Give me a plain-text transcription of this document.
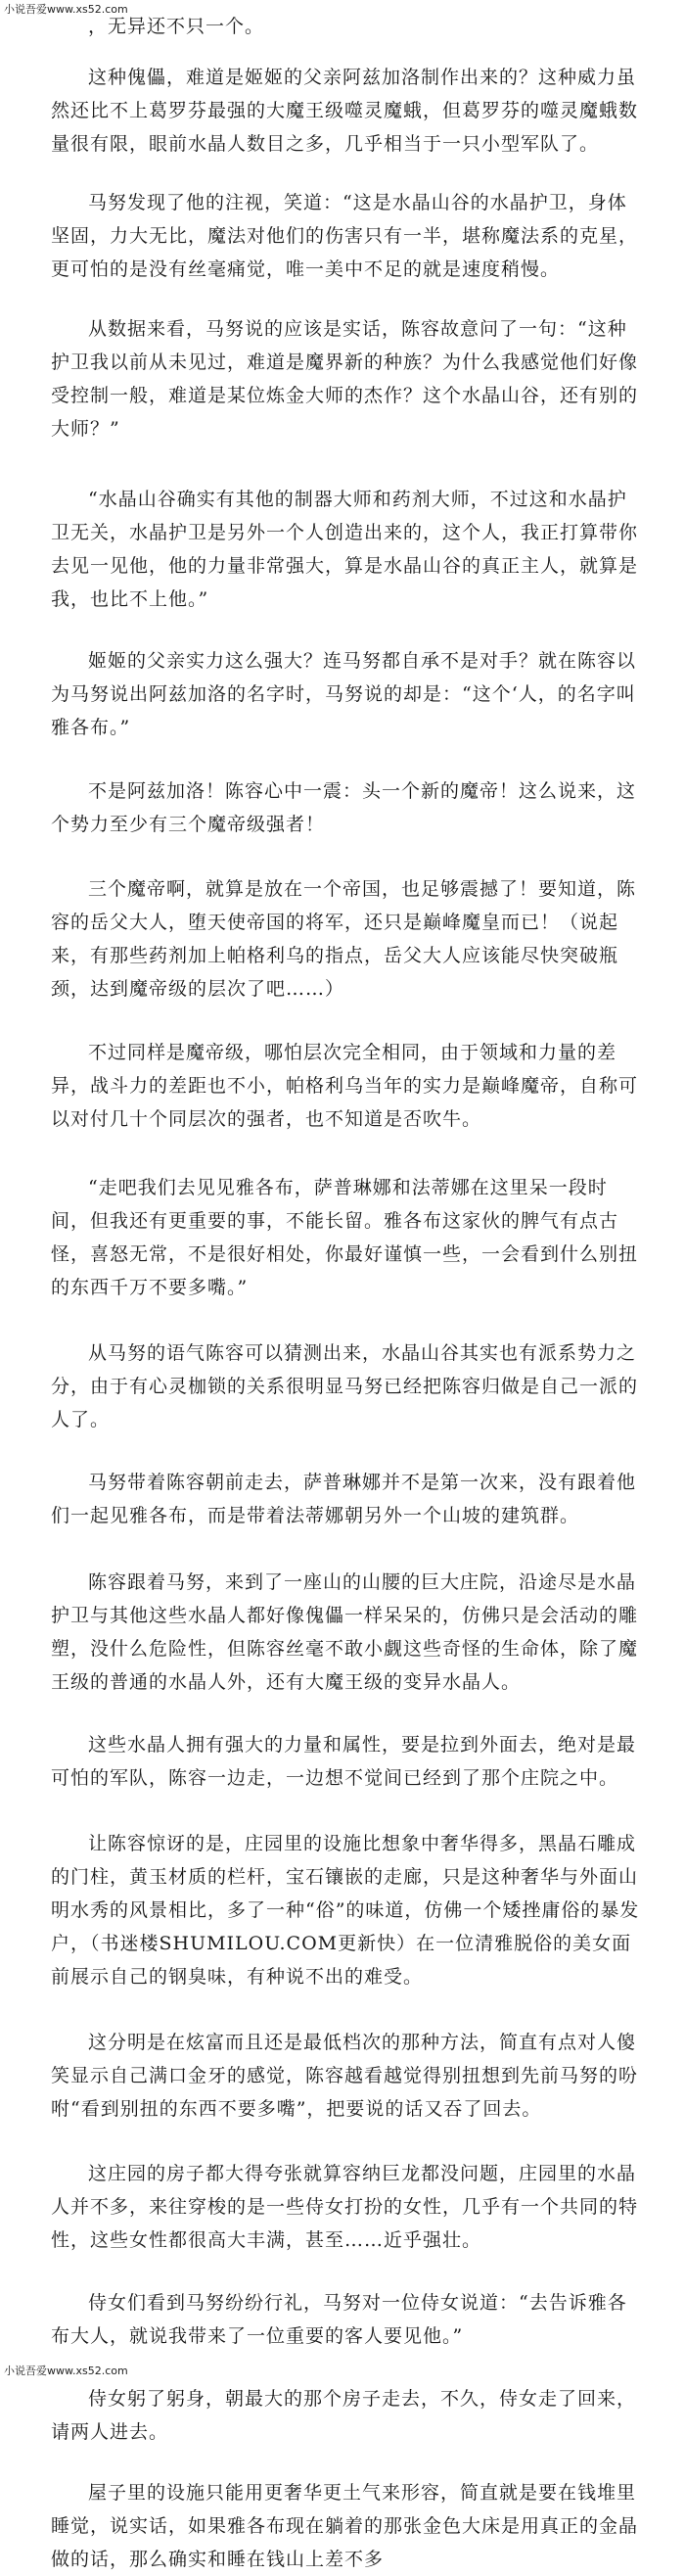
小说吾爱www.xs52.com

，无异还不只一个。

这种傀儡，难道是姬姬的父亲阿兹加洛制作出来的？这种威力虽然还比不上葛罗芬最强的大魔王级噬灵魔蛾，但葛罗芬的噬灵魔蛾数量很有限，眼前水晶人数目之多，几乎相当于一只小型军队了。

马努发现了他的注视，笑道：“这是水晶山谷的水晶护卫，身体坚固，力大无比，魔法对他们的伤害只有一半，堪称魔法系的克星，更可怕的是没有丝毫痛觉，唯一美中不足的就是速度稍慢。

从数据来看，马努说的应该是实话，陈容故意问了一句：“这种护卫我以前从未见过，难道是魔界新的种族？为什么我感觉他们好像受控制一般，难道是某位炼金大师的杰作？这个水晶山谷，还有别的大师？”

“水晶山谷确实有其他的制器大师和药剂大师，不过这和水晶护卫无关，水晶护卫是另外一个人创造出来的，这个人，我正打算带你去见一见他，他的力量非常强大，算是水晶山谷的真正主人，就算是我，也比不上他。”

姬姬的父亲实力这么强大？连马努都自承不是对手？就在陈容以为马努说出阿兹加洛的名字时，马努说的却是：“这个‘人，的名字叫雅各布。”

不是阿兹加洛！陈容心中一震：头一个新的魔帝！这么说来，这个势力至少有三个魔帝级强者！

三个魔帝啊，就算是放在一个帝国，也足够震撼了！要知道，陈容的岳父大人，堕天使帝国的将军，还只是巅峰魔皇而已！（说起来，有那些药剂加上帕格利乌的指点，岳父大人应该能尽快突破瓶颈，达到魔帝级的层次了吧……）

不过同样是魔帝级，哪怕层次完全相同，由于领域和力量的差异，战斗力的差距也不小，帕格利乌当年的实力是巅峰魔帝，自称可以对付几十个同层次的强者，也不知道是否吹牛。

“走吧我们去见见雅各布，萨普琳娜和法蒂娜在这里呆一段时间，但我还有更重要的事，不能长留。雅各布这家伙的脾气有点古怪，喜怒无常，不是很好相处，你最好谨慎一些，一会看到什么别扭的东西千万不要多嘴。”

从马努的语气陈容可以猜测出来，水晶山谷其实也有派系势力之分，由于有心灵枷锁的关系很明显马努已经把陈容归做是自己一派的人了。

马努带着陈容朝前走去，萨普琳娜并不是第一次来，没有跟着他们一起见雅各布，而是带着法蒂娜朝另外一个山坡的建筑群。

陈容跟着马努，来到了一座山的山腰的巨大庄院，沿途尽是水晶护卫与其他这些水晶人都好像傀儡一样呆呆的，仿佛只是会活动的雕塑，没什么危险性，但陈容丝毫不敢小觑这些奇怪的生命体，除了魔王级的普通的水晶人外，还有大魔王级的变异水晶人。

这些水晶人拥有强大的力量和属性，要是拉到外面去，绝对是最可怕的军队，陈容一边走，一边想不觉间已经到了那个庄院之中。

让陈容惊讶的是，庄园里的设施比想象中奢华得多，黑晶石雕成的门柱，黄玉材质的栏杆，宝石镶嵌的走廊，只是这种奢华与外面山明水秀的风景相比，多了一种“俗”的味道，仿佛一个矮挫庸俗的暴发户，（书迷楼SHUMILOU.COM更新快）在一位清雅脱俗的美女面前展示自己的钢臭味，有种说不出的难受。

这分明是在炫富而且还是最低档次的那种方法，简直有点对人傻笑显示自己满口金牙的感觉，陈容越看越觉得别扭想到先前马努的吩咐“看到别扭的东西不要多嘴”，把要说的话又吞了回去。

这庄园的房子都大得夸张就算容纳巨龙都没问题，庄园里的水晶人并不多，来往穿梭的是一些侍女打扮的女性，几乎有一个共同的特性，这些女性都很高大丰满，甚至……近乎强壮。

侍女们看到马努纷纷行礼，马努对一位侍女说道：“去告诉雅各布大人，就说我带来了一位重要的客人要见他。”

侍女躬了躬身，朝最大的那个房子走去，不久，侍女走了回来，请两人进去。

屋子里的设施只能用更奢华更土气来形容，简直就是要在钱堆里睡觉，说实话，如果雅各布现在躺着的那张金色大床是用真正的金晶做的话，那么确实和睡在钱山上差不多

小说吾爱www.xs52.com
